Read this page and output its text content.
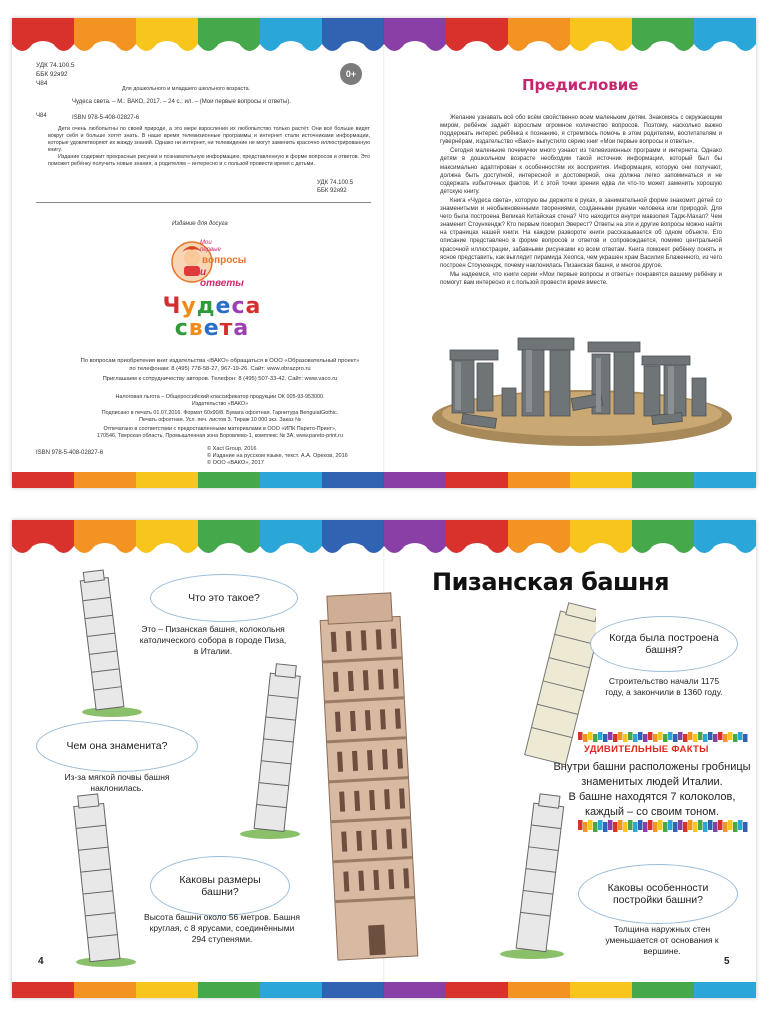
УДК 74.100.5
ББК 92я92
Ч84
0+
Для дошкольного и младшего школьного возраста.
Ч84
Чудеса света. – М.: ВАКО, 2017. – 24 с.: ил. – (Мои первые вопросы и ответы).
ISBN 978-5-408-02827-6
Дети очень любопытны по своей природе, а это мере взросления их любопытство только растёт. Они всё больше видят вокруг себя и больше хотят знать. В наше время телевизионные программы и интернет стали источниками информации, которые удовлетворяют их жажду знаний. Однако ни интернет, ни телевидение не могут заменить красочно иллюстрированную книгу.
Издание содержит прекрасные рисунки и познавательную информацию, представленную в форме вопросов и ответов. Это поможет ребёнку получить новые знания, а родителям – интересно и с пользой провести время с детьми.
УДК 74.100.5
ББК 92я92
Издание для досуга
Мои
первые
вопросы
и ответы
Чудеса
света
По вопросам приобретения книг издательства «ВАКО» обращаться в ООО «Образовательный проект»
по телефонам: 8 (495) 778-58-27, 967-19-26. Сайт: www.obrazpro.ru
Приглашаем к сотрудничеству авторов. Телефон: 8 (495) 507-33-42. Сайт: www.vaco.ru
Налоговая льгота – Общероссийский классификатор продукции ОК 005-93-953000.
Издательство «ВАКО»
Подписано в печать 01.07.2016. Формат 60х90/8. Бумага офсетная. Гарнитура BenguiatGothic.
Печать офсетная. Усл. печ. листов 3. Тираж 10 000 экз. Заказ №
Отпечатано в соответствии с предоставленными материалами в ООО «ИПК Парето-Принт»,
170546, Тверская область, Промышленная зона Боровлево-1, комплекс № 3А, www.pareto-print.ru
ISBN 978-5-408-02827-6
© Xact Group, 2016
© Издание на русском языке, текст. А.А. Орехов, 2016
© ООО «ВАКО», 2017
Предисловие

Желание узнавать всё обо всём свойственно всем маленьким детям. Знакомясь с окружающим миром, ребёнок задаёт взрослым огромное количество вопросов. Поэтому, насколько важно поддержать интерес ребёнка к познанию, я стремлюсь помочь в этом родителям, воспитателям и гувернёрам, издательство «Вако» выпустило серию книг «Мои первые вопросы и ответы».

Сегодня маленькие почемучки много узнают из телевизионных программ и интернета. Однако детям в дошкольном возрасте необходим такой источник информации, который был бы максимально адаптирован к особенностям их восприятия. Информация, которую они получают, должна быть доступной, интересной и достоверной, она должна легко запоминаться и не содержать избыточных фактов. И с этой точки зрения едва ли что-то может заменить хорошую детскую книгу.

Книга «Чудеса света», которую вы держите в руках, в занимательной форме знакомит детей со знаменитыми и необыкновенными творениями, созданными руками человека или природой. Для чего была построена Великая Китайская стена? Что находится внутри мавзолея Тадж-Махал? Чем знаменит Стоунхендж? Кто первым покорил Эверест? Ответы на эти и другие вопросы можно найти на страницах нашей книги. На каждом развороте книги рассказывается об одном объекте. Его описание представлено в форме вопросов и ответов и сопровождается, помимо центральной красочной иллюстрации, забавными рисунками ко всем ответам. Книга поможет ребёнку понять и ясное представить, как выглядит пирамида Хеопса, чем украшен храм Василия Блаженного, из чего построен Стоунхендж, почему наклонилась Пизанская башня, и многое другое.

Мы надеемся, что книги серии «Мои первые вопросы и ответы» понравятся вашему ребёнку и помогут вам интересно и с пользой провести время вместе.

Пизанская башня
Что это такое?
Это – Пизанская башня, колокольня католического собора в городе Пиза, в Италии.
Чем она знаменита?
Из-за мягкой почвы башня наклонилась.
Каковы размеры башни?
Высота башни около 56 метров. Башня круглая, с 8 ярусами, соединёнными 294 ступенями.
Когда была построена башня?
Строительство начали 1175 году, а закончили в 1360 году.
УДИВИТЕЛЬНЫЕ ФАКТЫ
Внутри башни расположены гробницы знаменитых людей Италии.
В башне находятся 7 колоколов, каждый – со своим тоном.
Каковы особенности постройки башни?
Толщина наружных стен уменьшается от основания к вершине.
4	5
